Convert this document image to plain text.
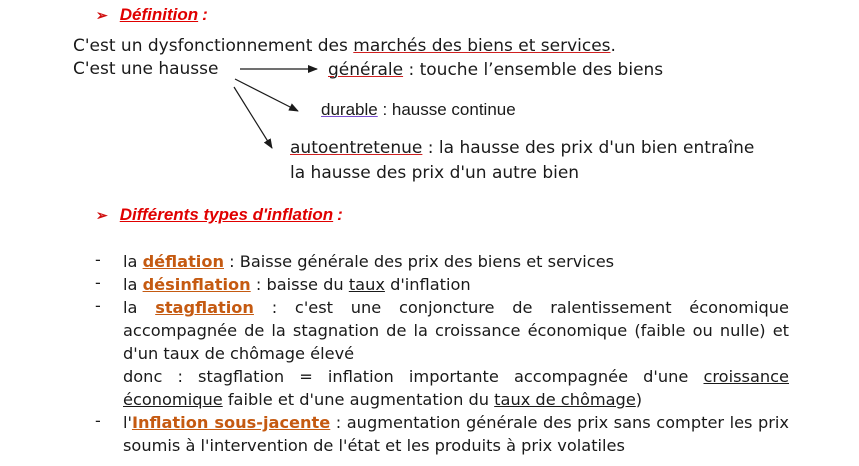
➢ Définition :
C'est un dysfonctionnement des marchés des biens et services.
C'est une hausse	générale : touche l’ensemble des biens
durable : hausse continue
autoentretenue : la hausse des prix d'un bien entraîne
la hausse des prix d'un autre bien
➢ Différents types d'inflation :
- la déflation : Baisse générale des prix des biens et services
- la désinflation : baisse du taux d'inflation
- la stagflation : c'est une conjoncture de ralentissement économique accompagnée de la stagnation de la croissance économique (faible ou nulle) et d'un taux de chômage élevé
donc : stagflation = inflation importante accompagnée d'une croissance économique faible et d'une augmentation du taux de chômage)
- l'Inflation sous-jacente : augmentation générale des prix sans compter les prix soumis à l'intervention de l'état et les produits à prix volatiles
